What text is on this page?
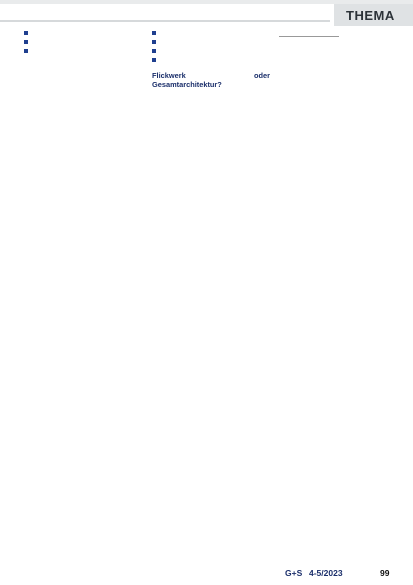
THEMA

Flickwerk oder Gesamtarchitektur?

G+S 4-5/2023	99
